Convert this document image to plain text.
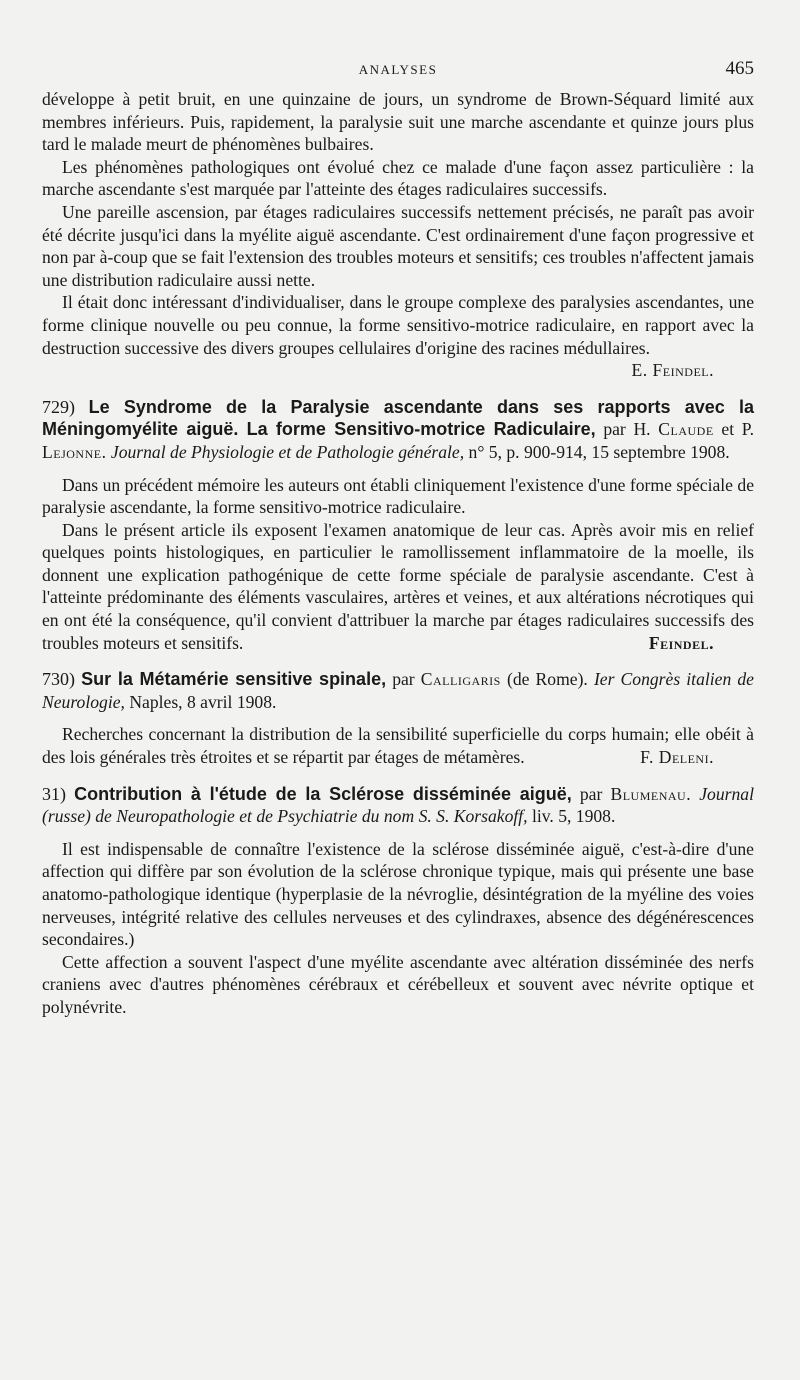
ANALYSES	465

développe à petit bruit, en une quinzaine de jours, un syndrome de Brown-Séquard limité aux membres inférieurs. Puis, rapidement, la paralysie suit une marche ascendante et quinze jours plus tard le malade meurt de phénomènes bulbaires.

Les phénomènes pathologiques ont évolué chez ce malade d'une façon assez particulière : la marche ascendante s'est marquée par l'atteinte des étages radiculaires successifs.

Une pareille ascension, par étages radiculaires successifs nettement précisés, ne paraît pas avoir été décrite jusqu'ici dans la myélite aiguë ascendante. C'est ordinairement d'une façon progressive et non par à-coup que se fait l'extension des troubles moteurs et sensitifs; ces troubles n'affectent jamais une distribution radiculaire aussi nette.

Il était donc intéressant d'individualiser, dans le groupe complexe des paralysies ascendantes, une forme clinique nouvelle ou peu connue, la forme sensitivo-motrice radiculaire, en rapport avec la destruction successive des divers groupes cellulaires d'origine des racines médullaires.
E. Feindel.

729) Le Syndrome de la Paralysie ascendante dans ses rapports avec la Méningomyélite aiguë. La forme Sensitivo-motrice Radiculaire, par H. Claude et P. Lejonne. Journal de Physiologie et de Pathologie générale, n° 5, p. 900-914, 15 septembre 1908.

Dans un précédent mémoire les auteurs ont établi cliniquement l'existence d'une forme spéciale de paralysie ascendante, la forme sensitivo-motrice radiculaire.

Dans le présent article ils exposent l'examen anatomique de leur cas. Après avoir mis en relief quelques points histologiques, en particulier le ramollissement inflammatoire de la moelle, ils donnent une explication pathogénique de cette forme spéciale de paralysie ascendante. C'est à l'atteinte prédominante des éléments vasculaires, artères et veines, et aux altérations nécrotiques qui en ont été la conséquence, qu'il convient d'attribuer la marche par étages radiculaires successifs des troubles moteurs et sensitifs.	Feindel.

730) Sur la Métamérie sensitive spinale, par Calligaris (de Rome). Ier Congrès italien de Neurologie, Naples, 8 avril 1908.

Recherches concernant la distribution de la sensibilité superficielle du corps humain; elle obéit à des lois générales très étroites et se répartit par étages de métamères.	F. Deleni.

31) Contribution à l'étude de la Sclérose disséminée aiguë, par Blumenau. Journal (russe) de Neuropathologie et de Psychiatrie du nom S. S. Korsakoff, liv. 5, 1908.

Il est indispensable de connaître l'existence de la sclérose disséminée aiguë, c'est-à-dire d'une affection qui diffère par son évolution de la sclérose chronique typique, mais qui présente une base anatomo-pathologique identique (hyperplasie de la névroglie, désintégration de la myéline des voies nerveuses, intégrité relative des cellules nerveuses et des cylindraxes, absence des dégénérescences secondaires.)

Cette affection a souvent l'aspect d'une myélite ascendante avec altération disséminée des nerfs craniens avec d'autres phénomènes cérébraux et cérébelleux et souvent avec névrite optique et polynévrite.
